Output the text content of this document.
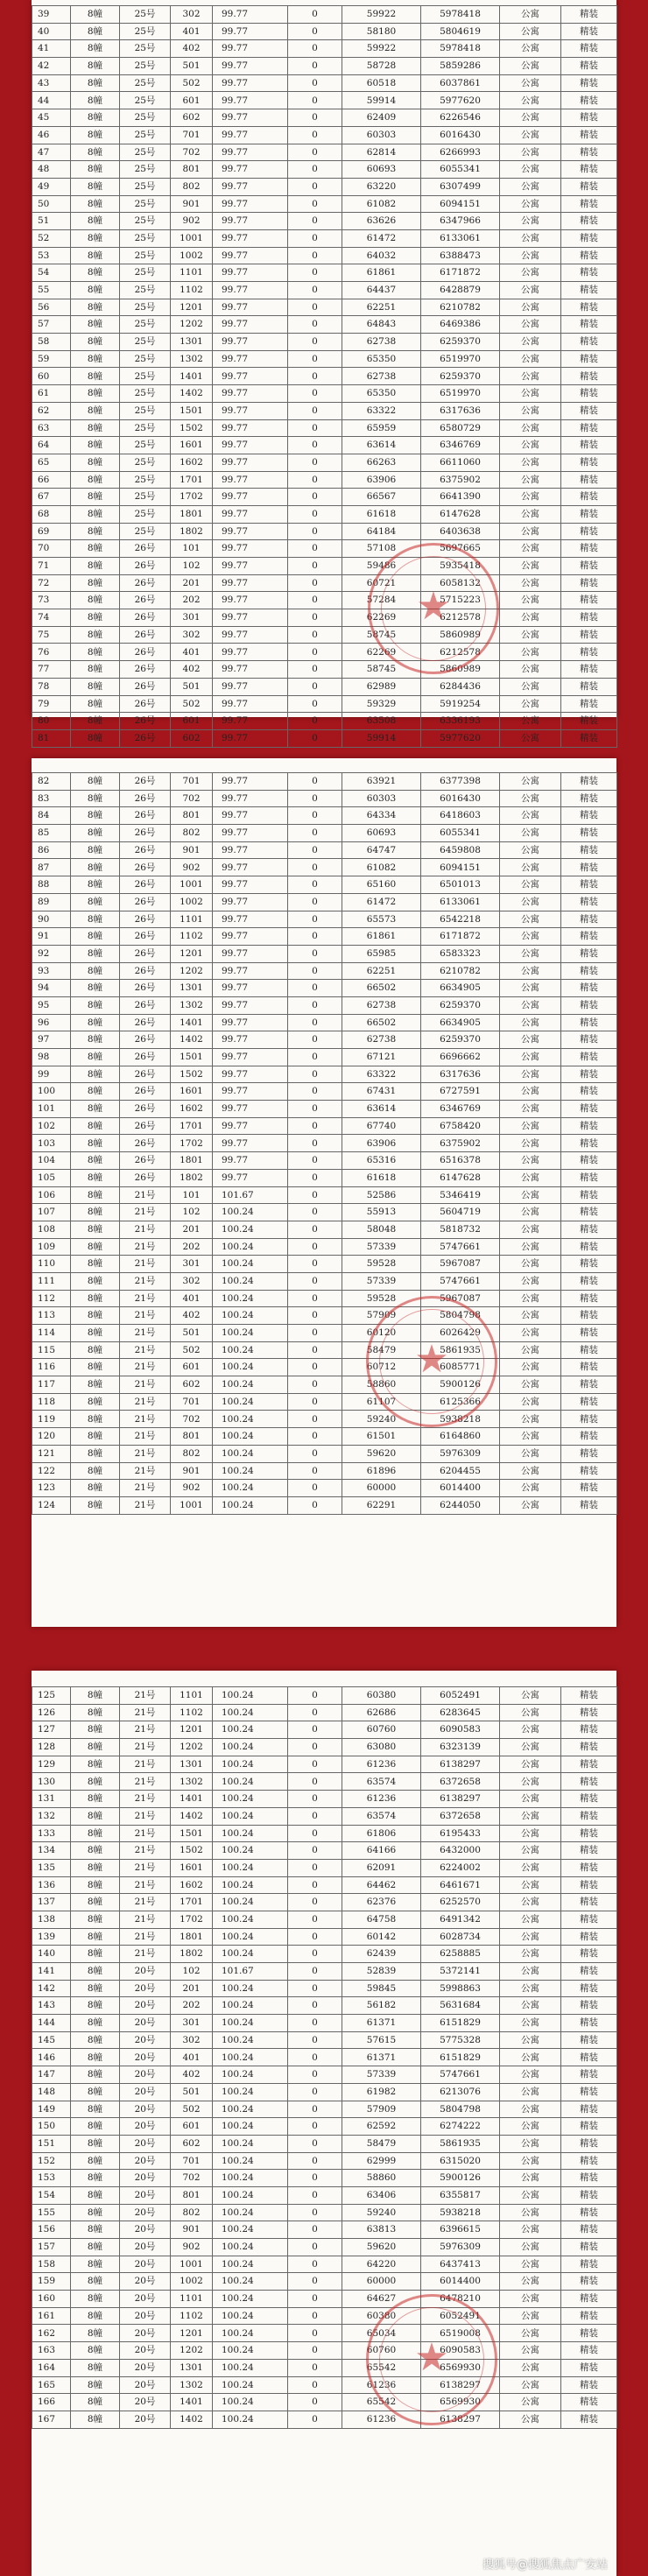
39	8幢	25号	302	99.77	0	59922	5978418	公寓	精装
40	8幢	25号	401	99.77	0	58180	5804619	公寓	精装
41	8幢	25号	402	99.77	0	59922	5978418	公寓	精装
42	8幢	25号	501	99.77	0	58728	5859286	公寓	精装
43	8幢	25号	502	99.77	0	60518	6037861	公寓	精装
44	8幢	25号	601	99.77	0	59914	5977620	公寓	精装
45	8幢	25号	602	99.77	0	62409	6226546	公寓	精装
46	8幢	25号	701	99.77	0	60303	6016430	公寓	精装
47	8幢	25号	702	99.77	0	62814	6266993	公寓	精装
48	8幢	25号	801	99.77	0	60693	6055341	公寓	精装
49	8幢	25号	802	99.77	0	63220	6307499	公寓	精装
50	8幢	25号	901	99.77	0	61082	6094151	公寓	精装
51	8幢	25号	902	99.77	0	63626	6347966	公寓	精装
52	8幢	25号	1001	99.77	0	61472	6133061	公寓	精装
53	8幢	25号	1002	99.77	0	64032	6388473	公寓	精装
54	8幢	25号	1101	99.77	0	61861	6171872	公寓	精装
55	8幢	25号	1102	99.77	0	64437	6428879	公寓	精装
56	8幢	25号	1201	99.77	0	62251	6210782	公寓	精装
57	8幢	25号	1202	99.77	0	64843	6469386	公寓	精装
58	8幢	25号	1301	99.77	0	62738	6259370	公寓	精装
59	8幢	25号	1302	99.77	0	65350	6519970	公寓	精装
60	8幢	25号	1401	99.77	0	62738	6259370	公寓	精装
61	8幢	25号	1402	99.77	0	65350	6519970	公寓	精装
62	8幢	25号	1501	99.77	0	63322	6317636	公寓	精装
63	8幢	25号	1502	99.77	0	65959	6580729	公寓	精装
64	8幢	25号	1601	99.77	0	63614	6346769	公寓	精装
65	8幢	25号	1602	99.77	0	66263	6611060	公寓	精装
66	8幢	25号	1701	99.77	0	63906	6375902	公寓	精装
67	8幢	25号	1702	99.77	0	66567	6641390	公寓	精装
68	8幢	25号	1801	99.77	0	61618	6147628	公寓	精装
69	8幢	25号	1802	99.77	0	64184	6403638	公寓	精装
70	8幢	26号	101	99.77	0	57108	5697665	公寓	精装
71	8幢	26号	102	99.77	0	59486	5935418	公寓	精装
72	8幢	26号	201	99.77	0	60721	6058132	公寓	精装
73	8幢	26号	202	99.77	0	57284	5715223	公寓	精装
74	8幢	26号	301	99.77	0	62269	6212578	公寓	精装
75	8幢	26号	302	99.77	0	58745	5860989	公寓	精装
76	8幢	26号	401	99.77	0	62269	6212578	公寓	精装
77	8幢	26号	402	99.77	0	58745	5860989	公寓	精装
78	8幢	26号	501	99.77	0	62989	6284436	公寓	精装
79	8幢	26号	502	99.77	0	59329	5919254	公寓	精装
80	8幢	26号	601	99.77	0	63508	6336193	公寓	精装
81	8幢	26号	602	99.77	0	59914	5977620	公寓	精装
★
82	8幢	26号	701	99.77	0	63921	6377398	公寓	精装
83	8幢	26号	702	99.77	0	60303	6016430	公寓	精装
84	8幢	26号	801	99.77	0	64334	6418603	公寓	精装
85	8幢	26号	802	99.77	0	60693	6055341	公寓	精装
86	8幢	26号	901	99.77	0	64747	6459808	公寓	精装
87	8幢	26号	902	99.77	0	61082	6094151	公寓	精装
88	8幢	26号	1001	99.77	0	65160	6501013	公寓	精装
89	8幢	26号	1002	99.77	0	61472	6133061	公寓	精装
90	8幢	26号	1101	99.77	0	65573	6542218	公寓	精装
91	8幢	26号	1102	99.77	0	61861	6171872	公寓	精装
92	8幢	26号	1201	99.77	0	65985	6583323	公寓	精装
93	8幢	26号	1202	99.77	0	62251	6210782	公寓	精装
94	8幢	26号	1301	99.77	0	66502	6634905	公寓	精装
95	8幢	26号	1302	99.77	0	62738	6259370	公寓	精装
96	8幢	26号	1401	99.77	0	66502	6634905	公寓	精装
97	8幢	26号	1402	99.77	0	62738	6259370	公寓	精装
98	8幢	26号	1501	99.77	0	67121	6696662	公寓	精装
99	8幢	26号	1502	99.77	0	63322	6317636	公寓	精装
100	8幢	26号	1601	99.77	0	67431	6727591	公寓	精装
101	8幢	26号	1602	99.77	0	63614	6346769	公寓	精装
102	8幢	26号	1701	99.77	0	67740	6758420	公寓	精装
103	8幢	26号	1702	99.77	0	63906	6375902	公寓	精装
104	8幢	26号	1801	99.77	0	65316	6516378	公寓	精装
105	8幢	26号	1802	99.77	0	61618	6147628	公寓	精装
106	8幢	21号	101	101.67	0	52586	5346419	公寓	精装
107	8幢	21号	102	100.24	0	55913	5604719	公寓	精装
108	8幢	21号	201	100.24	0	58048	5818732	公寓	精装
109	8幢	21号	202	100.24	0	57339	5747661	公寓	精装
110	8幢	21号	301	100.24	0	59528	5967087	公寓	精装
111	8幢	21号	302	100.24	0	57339	5747661	公寓	精装
112	8幢	21号	401	100.24	0	59528	5967087	公寓	精装
113	8幢	21号	402	100.24	0	57909	5804798	公寓	精装
114	8幢	21号	501	100.24	0	60120	6026429	公寓	精装
115	8幢	21号	502	100.24	0	58479	5861935	公寓	精装
116	8幢	21号	601	100.24	0	60712	6085771	公寓	精装
117	8幢	21号	602	100.24	0	58860	5900126	公寓	精装
118	8幢	21号	701	100.24	0	61107	6125366	公寓	精装
119	8幢	21号	702	100.24	0	59240	5938218	公寓	精装
120	8幢	21号	801	100.24	0	61501	6164860	公寓	精装
121	8幢	21号	802	100.24	0	59620	5976309	公寓	精装
122	8幢	21号	901	100.24	0	61896	6204455	公寓	精装
123	8幢	21号	902	100.24	0	60000	6014400	公寓	精装
124	8幢	21号	1001	100.24	0	62291	6244050	公寓	精装
★
125	8幢	21号	1101	100.24	0	60380	6052491	公寓	精装
126	8幢	21号	1102	100.24	0	62686	6283645	公寓	精装
127	8幢	21号	1201	100.24	0	60760	6090583	公寓	精装
128	8幢	21号	1202	100.24	0	63080	6323139	公寓	精装
129	8幢	21号	1301	100.24	0	61236	6138297	公寓	精装
130	8幢	21号	1302	100.24	0	63574	6372658	公寓	精装
131	8幢	21号	1401	100.24	0	61236	6138297	公寓	精装
132	8幢	21号	1402	100.24	0	63574	6372658	公寓	精装
133	8幢	21号	1501	100.24	0	61806	6195433	公寓	精装
134	8幢	21号	1502	100.24	0	64166	6432000	公寓	精装
135	8幢	21号	1601	100.24	0	62091	6224002	公寓	精装
136	8幢	21号	1602	100.24	0	64462	6461671	公寓	精装
137	8幢	21号	1701	100.24	0	62376	6252570	公寓	精装
138	8幢	21号	1702	100.24	0	64758	6491342	公寓	精装
139	8幢	21号	1801	100.24	0	60142	6028734	公寓	精装
140	8幢	21号	1802	100.24	0	62439	6258885	公寓	精装
141	8幢	20号	102	101.67	0	52839	5372141	公寓	精装
142	8幢	20号	201	100.24	0	59845	5998863	公寓	精装
143	8幢	20号	202	100.24	0	56182	5631684	公寓	精装
144	8幢	20号	301	100.24	0	61371	6151829	公寓	精装
145	8幢	20号	302	100.24	0	57615	5775328	公寓	精装
146	8幢	20号	401	100.24	0	61371	6151829	公寓	精装
147	8幢	20号	402	100.24	0	57339	5747661	公寓	精装
148	8幢	20号	501	100.24	0	61982	6213076	公寓	精装
149	8幢	20号	502	100.24	0	57909	5804798	公寓	精装
150	8幢	20号	601	100.24	0	62592	6274222	公寓	精装
151	8幢	20号	602	100.24	0	58479	5861935	公寓	精装
152	8幢	20号	701	100.24	0	62999	6315020	公寓	精装
153	8幢	20号	702	100.24	0	58860	5900126	公寓	精装
154	8幢	20号	801	100.24	0	63406	6355817	公寓	精装
155	8幢	20号	802	100.24	0	59240	5938218	公寓	精装
156	8幢	20号	901	100.24	0	63813	6396615	公寓	精装
157	8幢	20号	902	100.24	0	59620	5976309	公寓	精装
158	8幢	20号	1001	100.24	0	64220	6437413	公寓	精装
159	8幢	20号	1002	100.24	0	60000	6014400	公寓	精装
160	8幢	20号	1101	100.24	0	64627	6478210	公寓	精装
161	8幢	20号	1102	100.24	0	60380	6052491	公寓	精装
162	8幢	20号	1201	100.24	0	65034	6519008	公寓	精装
163	8幢	20号	1202	100.24	0	60760	6090583	公寓	精装
164	8幢	20号	1301	100.24	0	65542	6569930	公寓	精装
165	8幢	20号	1302	100.24	0	61236	6138297	公寓	精装
166	8幢	20号	1401	100.24	0	65542	6569930	公寓	精装
167	8幢	20号	1402	100.24	0	61236	6138297	公寓	精装
★
搜狐号@搜狐焦点广安站
